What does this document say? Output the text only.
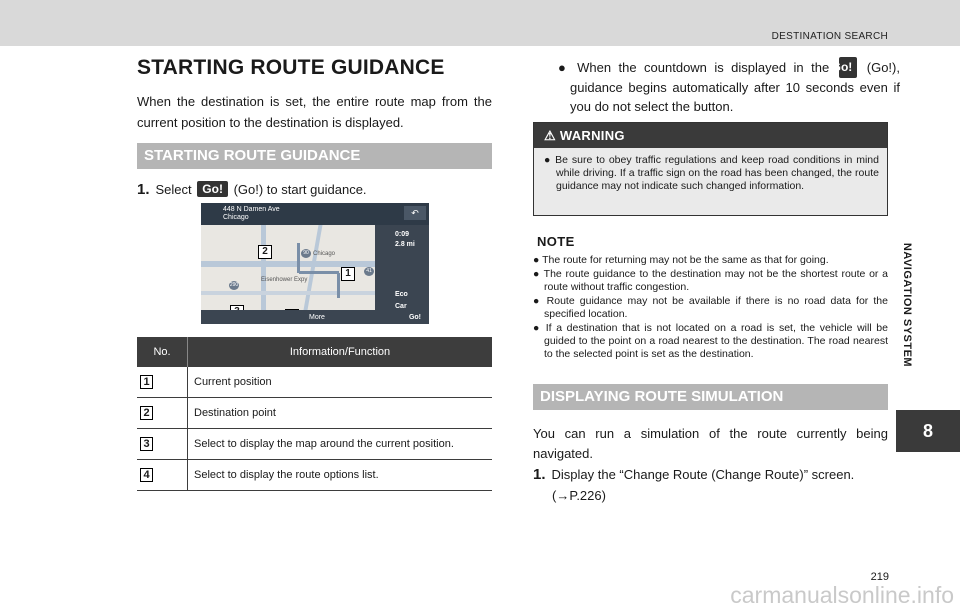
DESTINATION SEARCH
NAVIGATION SYSTEM
8
STARTING ROUTE GUIDANCE
When the destination is set, the entire route map from the current position to the destination is displayed.
STARTING ROUTE GUIDANCE
1. Select Go! (Go!) to start guidance.
448 N Damen Ave
Chicago	↶
Chicago
Eisenhower Expy
90
290
41
2
1
0:09
2.8 mi
Eco
Car
More	Go!
No.	Information/Function
1	Current position
2	Destination point
3	Select to display the map around the current position.
4	Select to display the route options list.
● When the countdown is displayed in the Go! (Go!), guidance begins automatically after 10 seconds even if you do not select the button.
⚠ WARNING
● Be sure to obey traffic regulations and keep road conditions in mind while driving. If a traffic sign on the road has been changed, the route guidance may not indicate such changed information.
NOTE
● The route for returning may not be the same as that for going.
● The route guidance to the destination may not be the shortest route or a route without traffic congestion.
● Route guidance may not be available if there is no road data for the specified location.
● If a destination that is not located on a road is set, the vehicle will be guided to the point on a road nearest to the destination. The road nearest to the selected point is set as the destination.
DISPLAYING ROUTE SIMULATION
You can run a simulation of the route currently being navigated.
1. Display the “Change Route (Change Route)” screen.
(→P.226)
219
carmanualsonline.info
